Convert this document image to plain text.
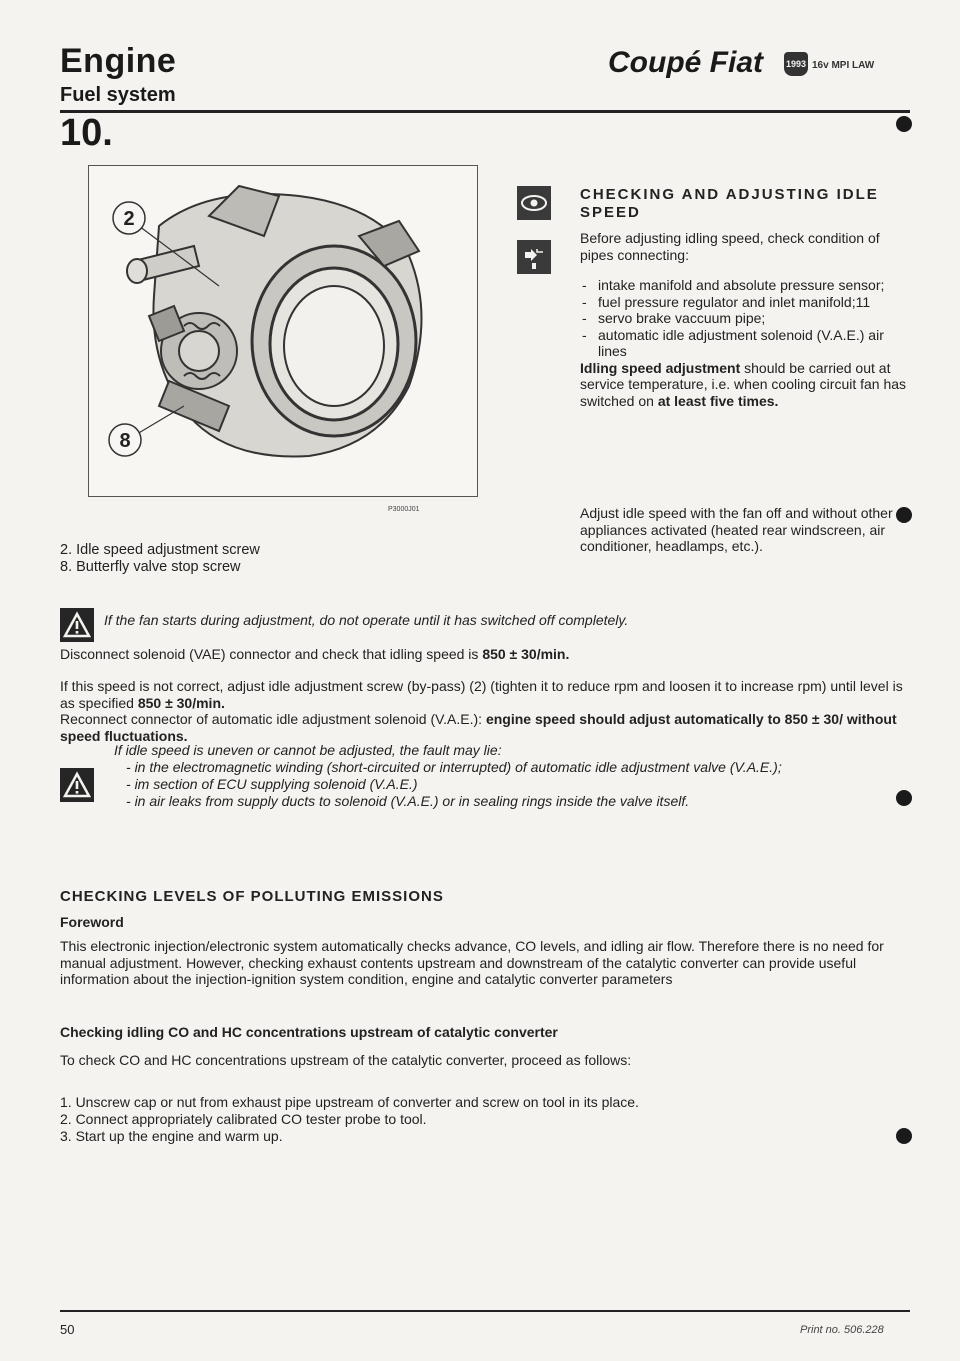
Engine
Fuel system
Coupé Fiat	1993 16v MPI LAW
10.
2
8
P3000J01
2. Idle speed adjustment screw
8. Butterfly valve stop screw
CHECKING AND ADJUSTING IDLE SPEED

Before adjusting idling speed, check condition of pipes connecting:

- intake manifold and absolute pressure sensor;
- fuel pressure regulator and inlet manifold;11
- servo brake vaccuum pipe;
- automatic idle adjustment solenoid (V.A.E.) air lines

Idling speed adjustment should be carried out at service temperature, i.e. when cooling circuit fan has switched on at least five times.

Adjust idle speed with the fan off and without other appliances activated (heated rear windscreen, air conditioner, headlamps, etc.).
If the fan starts during adjustment, do not operate until it has switched off completely.

Disconnect solenoid (VAE) connector and check that idling speed is 850 ± 30/min.

If this speed is not correct, adjust idle adjustment screw (by-pass) (2) (tighten it to reduce rpm and loosen it to increase rpm) until level is as specified 850 ± 30/min.

Reconnect connector of automatic idle adjustment solenoid (V.A.E.): engine speed should adjust automatically to 850 ± 30/ without speed fluctuations.

If idle speed is uneven or cannot be adjusted, the fault may lie:
- in the electromagnetic winding (short-circuited or interrupted) of automatic idle adjustment valve (V.A.E.);
- im section of ECU supplying solenoid (V.A.E.)
- in air leaks from supply ducts to solenoid (V.A.E.) or in sealing rings inside the valve itself.
CHECKING LEVELS OF POLLUTING EMISSIONS
Foreword
This electronic injection/electronic system automatically checks advance, CO levels, and idling air flow. Therefore there is no need for manual adjustment. However, checking exhaust contents upstream and downstream of the catalytic converter can provide useful information about the injection-ignition system condition, engine and catalytic converter parameters
Checking idling CO and HC concentrations upstream of catalytic converter
To check CO and HC concentrations upstream of the catalytic converter, proceed as follows:
1. Unscrew cap or nut from exhaust pipe upstream of converter and screw on tool in its place.
2. Connect appropriately calibrated CO tester probe to tool.
3. Start up the engine and warm up.
50	Print no. 506.228
